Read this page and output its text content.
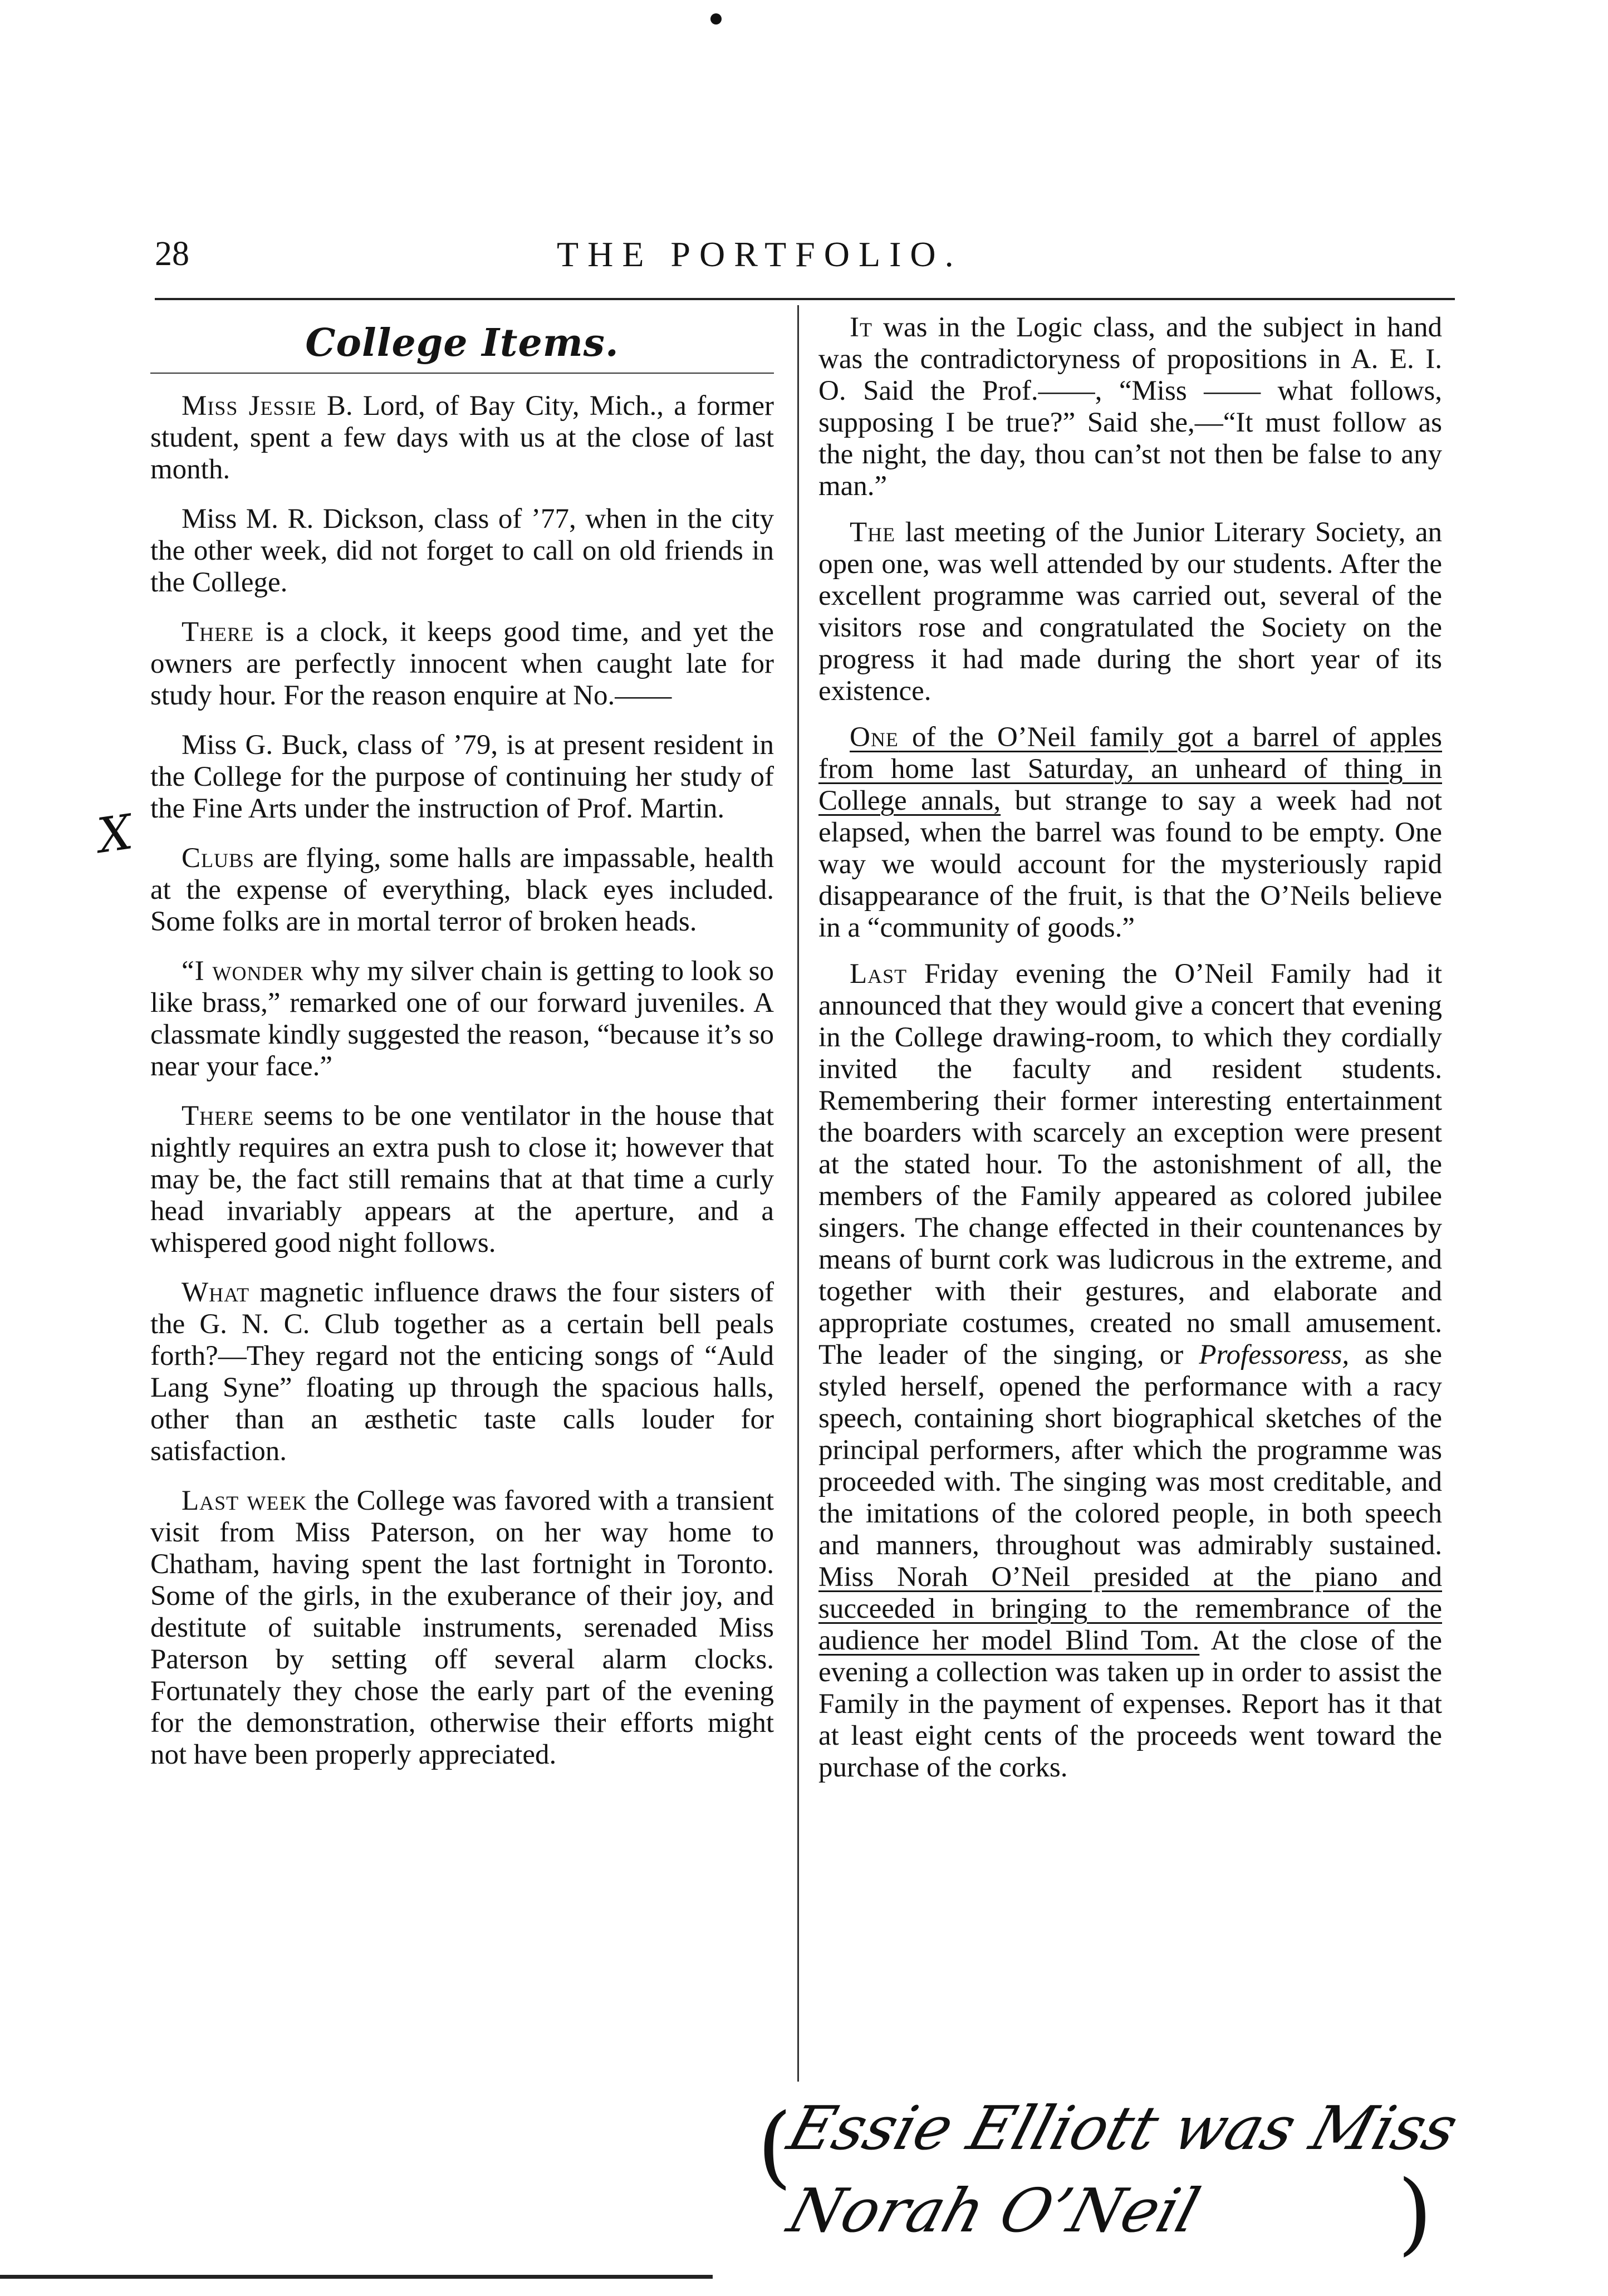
28	THE PORTFOLIO.
College Items.

Miss Jessie B. Lord, of Bay City, Mich., a former student, spent a few days with us at the close of last month.

Miss M. R. Dickson, class of ’77, when in the city the other week, did not forget to call on old friends in the College.

There is a clock, it keeps good time, and yet the owners are perfectly innocent when caught late for study hour. For the reason enquire at No.——

Miss G. Buck, class of ’79, is at present resident in the College for the purpose of continuing her study of the Fine Arts under the instruction of Prof. Martin.

Clubs are flying, some halls are impassable, health at the expense of everything, black eyes included. Some folks are in mortal terror of broken heads.

“I wonder why my silver chain is getting to look so like brass,” remarked one of our forward juveniles. A classmate kindly suggested the reason, “because it’s so near your face.”

There seems to be one ventilator in the house that nightly requires an extra push to close it; however that may be, the fact still remains that at that time a curly head invariably appears at the aperture, and a whispered good night follows.

What magnetic influence draws the four sisters of the G. N. C. Club together as a certain bell peals forth?—They regard not the enticing songs of “Auld Lang Syne” floating up through the spacious halls, other than an æsthetic taste calls louder for satisfaction.

Last week the College was favored with a transient visit from Miss Paterson, on her way home to Chatham, having spent the last fortnight in Toronto. Some of the girls, in the exuberance of their joy, and destitute of suitable instruments, serenaded Miss Paterson by setting off several alarm clocks. Fortunately they chose the early part of the evening for the demonstration, otherwise their efforts might not have been properly appreciated.

It was in the Logic class, and the subject in hand was the contradictoryness of propositions in A. E. I. O. Said the Prof.——, “Miss —— what follows, supposing I be true?” Said she,—“It must follow as the night, the day, thou can’st not then be false to any man.”

The last meeting of the Junior Literary Society, an open one, was well attended by our students. After the excellent programme was carried out, several of the visitors rose and congratulated the Society on the progress it had made during the short year of its existence.

One of the O’Neil family got a barrel of apples from home last Saturday, an unheard of thing in College annals, but strange to say a week had not elapsed, when the barrel was found to be empty. One way we would account for the mysteriously rapid disappearance of the fruit, is that the O’Neils believe in a “community of goods.”

Last Friday evening the O’Neil Family had it announced that they would give a concert that evening in the College drawing-room, to which they cordially invited the faculty and resident students. Remembering their former interesting entertainment the boarders with scarcely an exception were present at the stated hour. To the astonishment of all, the members of the Family appeared as colored jubilee singers. The change effected in their countenances by means of burnt cork was ludicrous in the extreme, and together with their gestures, and elaborate and appropriate costumes, created no small amusement. The leader of the singing, or Professoress, as she styled herself, opened the performance with a racy speech, containing short biographical sketches of the principal performers, after which the programme was proceeded with. The singing was most creditable, and the imitations of the colored people, in both speech and manners, throughout was admirably sustained. Miss Norah O’Neil presided at the piano and succeeded in bringing to the remembrance of the audience her model Blind Tom. At the close of the evening a collection was taken up in order to assist the Family in the payment of expenses. Report has it that at least eight cents of the proceeds went toward the purchase of the corks.

X
(
Essie Elliott was Miss
Norah O’Neil )
